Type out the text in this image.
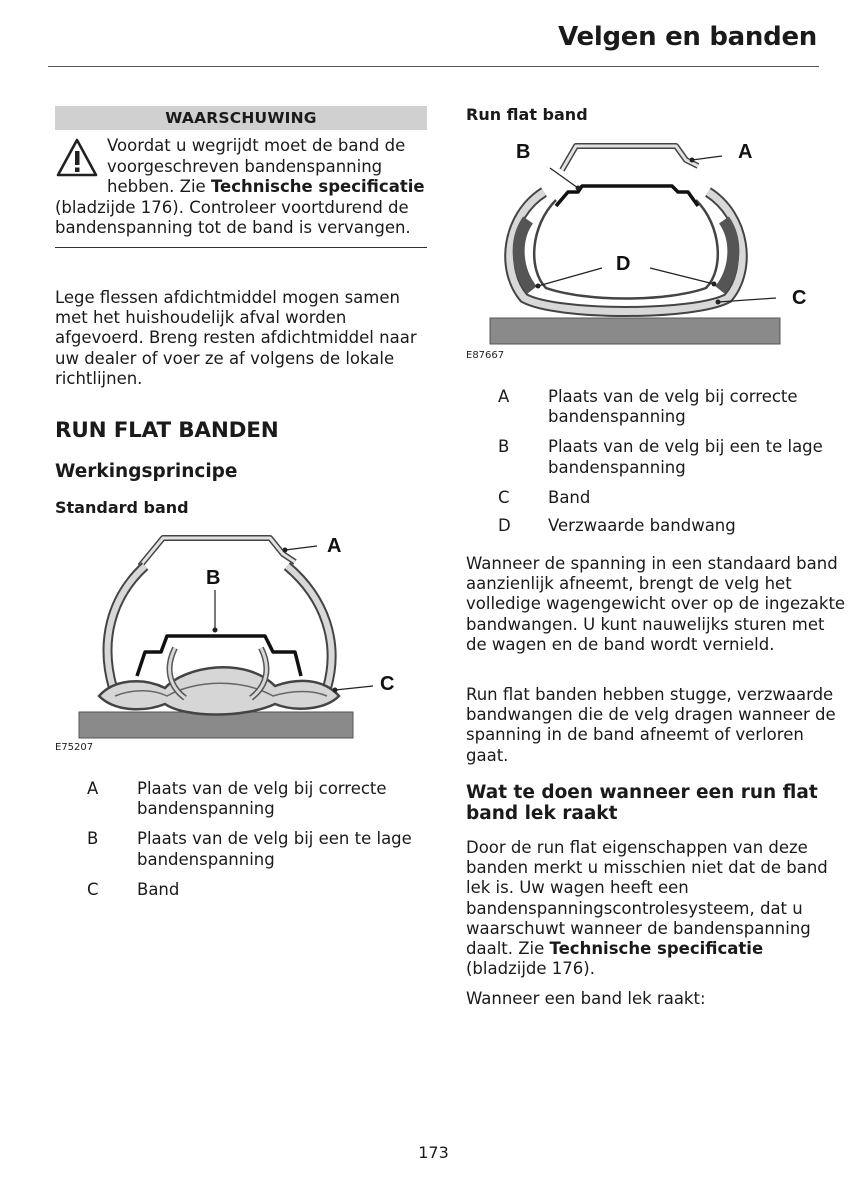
Velgen en banden
WAARSCHUWING
Voordat u wegrijdt moet de band de voorgeschreven bandenspanning hebben. Zie Technische specificatie (bladzijde 176). Controleer voortdurend de bandenspanning tot de band is vervangen.

Lege flessen afdichtmiddel mogen samen met het huishoudelijk afval worden afgevoerd. Breng resten afdichtmiddel naar uw dealer of voer ze af volgens de lokale richtlijnen.

RUN FLAT BANDEN
Werkingsprincipe
Standard band
A
B
C
E75207
A	Plaats van de velg bij correcte bandenspanning
B	Plaats van de velg bij een te lage bandenspanning
C	Band
Run flat band
A
B
C
D
E87667
A	Plaats van de velg bij correcte bandenspanning
B	Plaats van de velg bij een te lage bandenspanning
C	Band
D	Verzwaarde bandwang

Wanneer de spanning in een standaard band aanzienlijk afneemt, brengt de velg het volledige wagengewicht over op de ingezakte bandwangen. U kunt nauwelijks sturen met de wagen en de band wordt vernield.

Run flat banden hebben stugge, verzwaarde bandwangen die de velg dragen wanneer de spanning in de band afneemt of verloren gaat.

Wat te doen wanneer een run flat band lek raakt

Door de run flat eigenschappen van deze banden merkt u misschien niet dat de band lek is. Uw wagen heeft een bandenspanningscontrolesysteem, dat u waarschuwt wanneer de bandenspanning daalt. Zie Technische specificatie (bladzijde 176).

Wanneer een band lek raakt:

173
